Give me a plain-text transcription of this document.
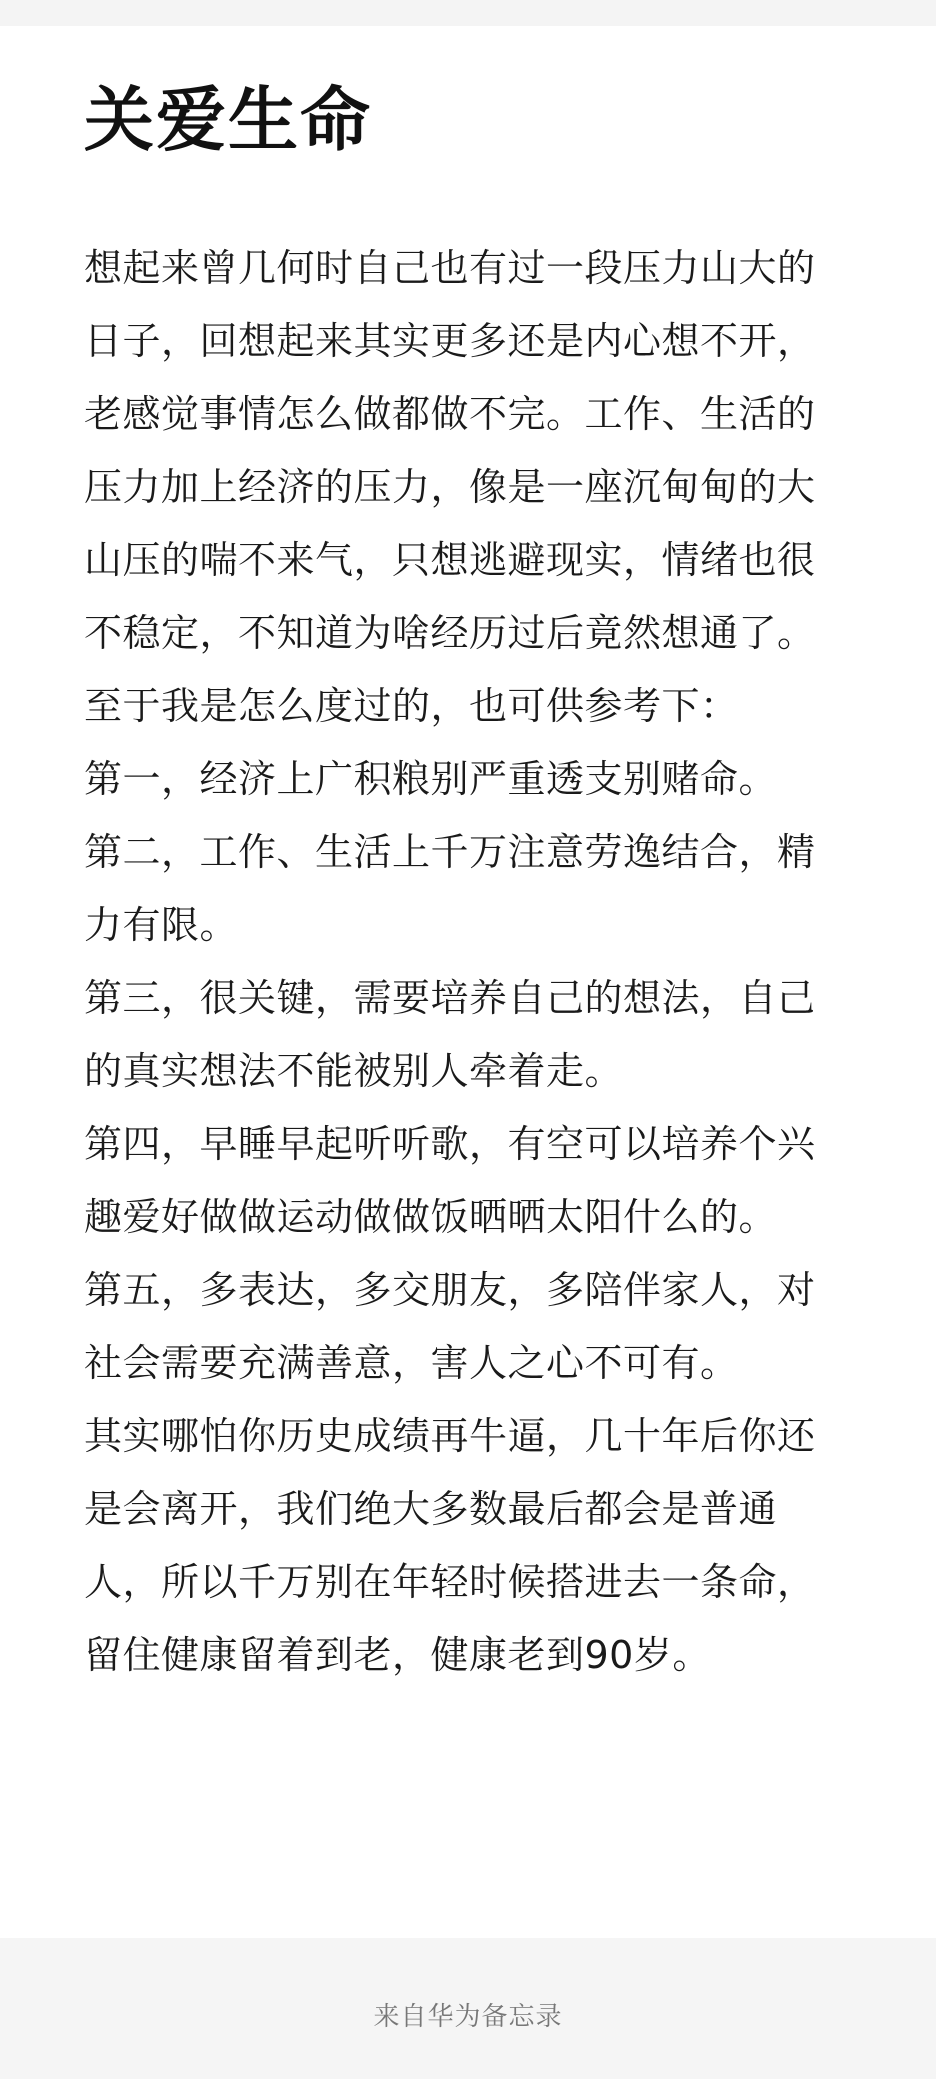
关爱生命
想起来曾几何时自己也有过一段压力山大的
日子，回想起来其实更多还是内心想不开，
老感觉事情怎么做都做不完。工作、生活的
压力加上经济的压力，像是一座沉甸甸的大
山压的喘不来气，只想逃避现实，情绪也很
不稳定，不知道为啥经历过后竟然想通了。
至于我是怎么度过的，也可供参考下：
第一，经济上广积粮别严重透支别赌命。
第二，工作、生活上千万注意劳逸结合，精
力有限。
第三，很关键，需要培养自己的想法，自己
的真实想法不能被别人牵着走。
第四，早睡早起听听歌，有空可以培养个兴
趣爱好做做运动做做饭晒晒太阳什么的。
第五，多表达，多交朋友，多陪伴家人，对
社会需要充满善意，害人之心不可有。
其实哪怕你历史成绩再牛逼，几十年后你还
是会离开，我们绝大多数最后都会是普通
人，所以千万别在年轻时候搭进去一条命，
留住健康留着到老，健康老到90岁。
来自华为备忘录
